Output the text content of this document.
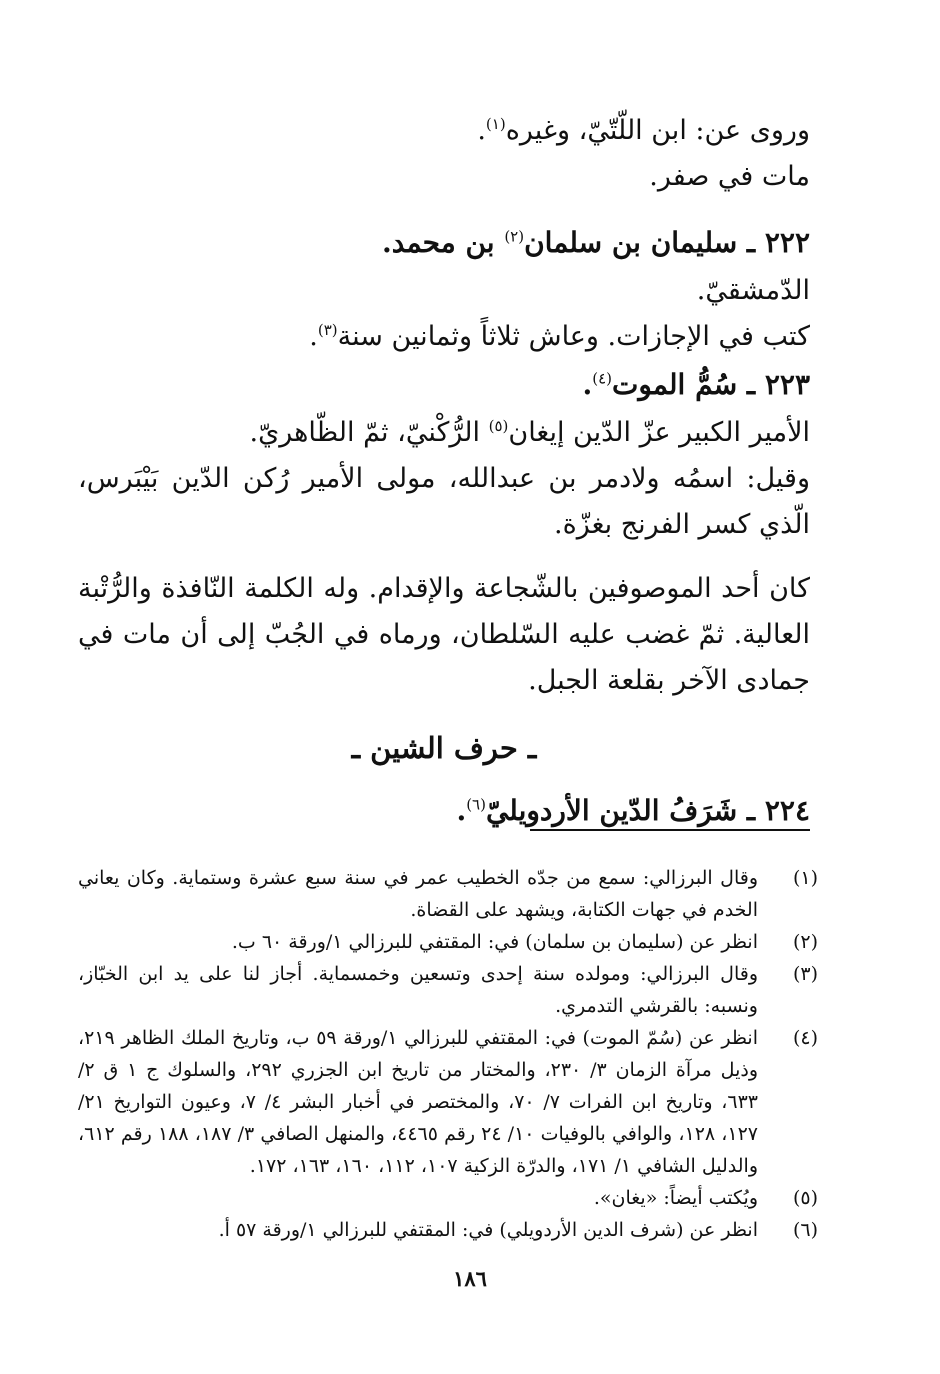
وروى عن: ابن اللّتّيّ، وغيره$^{(١)}$.
مات في صفر.
٢٢٢ ـ سليمان بن سلمان$^{(٢)}$ بن محمد.
الدّمشقيّ.
كتب في الإجازات. وعاش ثلاثاً وثمانين سنة$^{(٣)}$.
٢٢٣ ـ سُمُّ الموت$^{(٤)}$.
الأمير الكبير عزّ الدّين إيغان$^{(٥)}$ الرُّكْنيّ، ثمّ الظّاهريّ.
وقيل: اسمُه ولادمر بن عبدالله، مولى الأمير رُكن الدّين بَيْبَرس، الّذي كسر الفرنج بغزّة.
كان أحد الموصوفين بالشّجاعة والإقدام. وله الكلمة النّافذة والرُّتْبة العالية. ثمّ غضب عليه السّلطان، ورماه في الجُبّ إلى أن مات في جمادى الآخر بقلعة الجبل.
ـ حرف الشين ـ
٢٢٤ ـ شَرَفُ الدّين الأردويليّ$^{(٦)}$.
(١)
وقال البرزالي: سمع من جدّه الخطيب عمر في سنة سبع عشرة وستماية. وكان يعاني الخدم في جهات الكتابة، ويشهد على القضاة.
(٢)
انظر عن (سليمان بن سلمان) في: المقتفي للبرزالي ١/ورقة ٦٠ ب.
(٣)
وقال البرزالي: ومولده سنة إحدى وتسعين وخمسماية. أجاز لنا على يد ابن الخبّاز، ونسبه: بالقرشي التدمري.
(٤)
انظر عن (سُمّ الموت) في: المقتفي للبرزالي ١/ورقة ٥٩ ب، وتاريخ الملك الظاهر ٢١٩، وذيل مرآة الزمان ٣/ ٢٣٠، والمختار من تاريخ ابن الجزري ٢٩٢، والسلوك ج ١ ق ٢/ ٦٣٣، وتاريخ ابن الفرات ٧/ ٧٠، والمختصر في أخبار البشر ٤/ ٧، وعيون التواريخ ٢١/ ١٢٧، ١٢٨، والوافي بالوفيات ١٠/ ٢٤ رقم ٤٤٦٥، والمنهل الصافي ٣/ ١٨٧، ١٨٨ رقم ٦١٢، والدليل الشافي ١/ ١٧١، والدرّة الزكية ١٠٧، ١١٢، ١٦٠، ١٦٣، ١٧٢.
(٥)
ويُكتب أيضاً: «يغان».
(٦)
انظر عن (شرف الدين الأردويلي) في: المقتفي للبرزالي ١/ورقة ٥٧ أ.
١٨٦
